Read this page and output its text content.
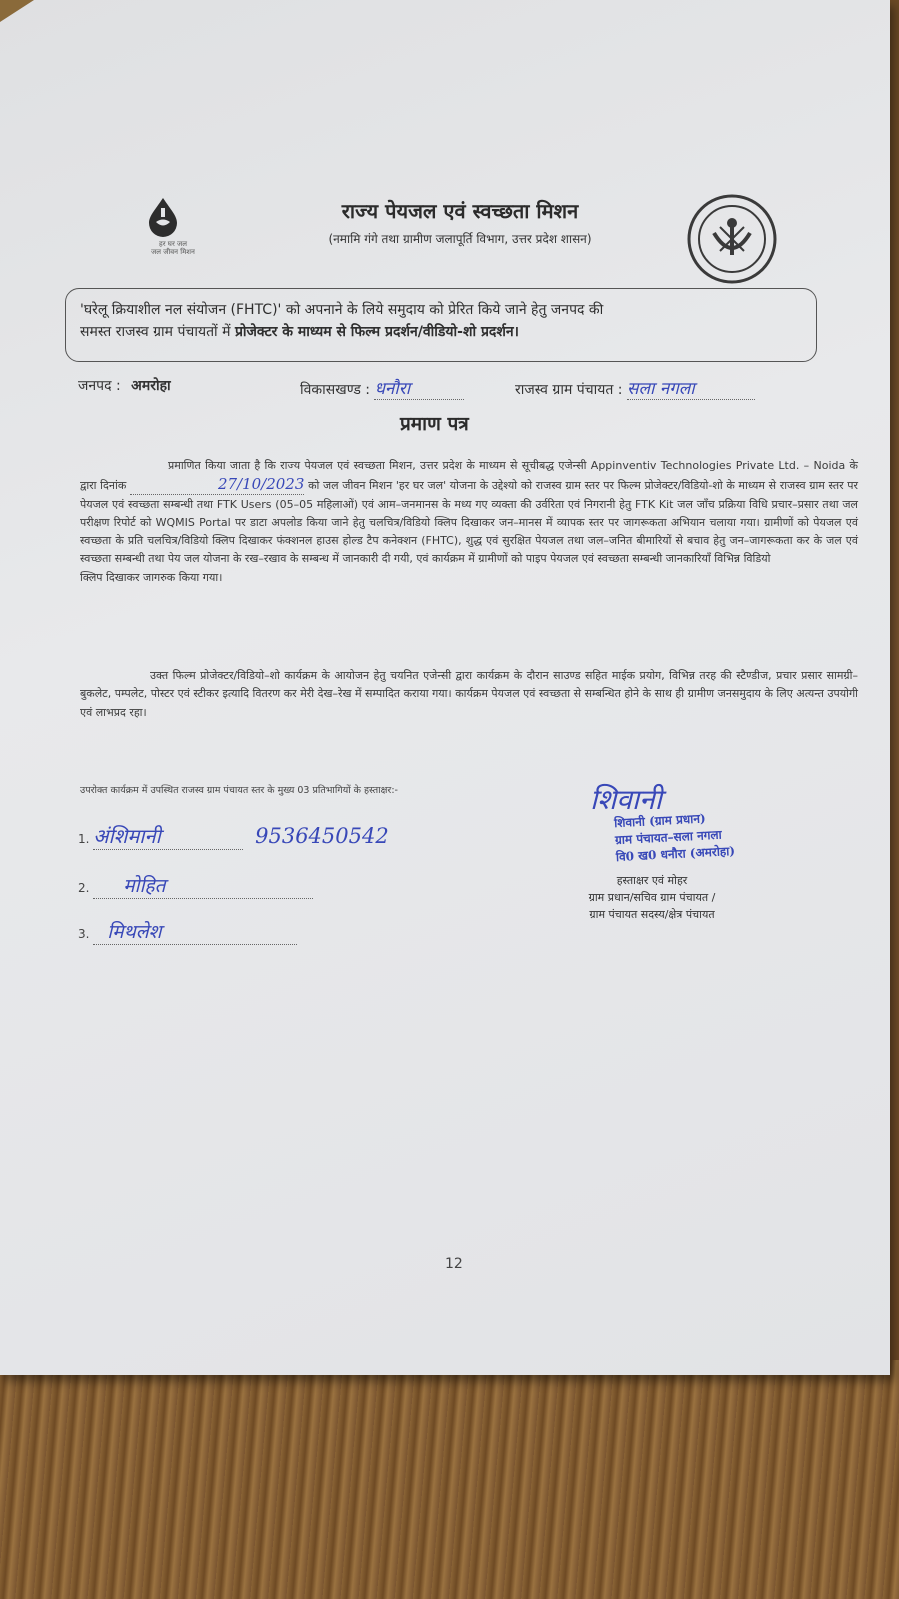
हर घर जल
जल जीवन मिशन
राज्य पेयजल एवं स्वच्छता मिशन
(नमामि गंगे तथा ग्रामीण जलापूर्ति विभाग, उत्तर प्रदेश शासन)
'घरेलू क्रियाशील नल संयोजन (FHTC)' को अपनाने के लिये समुदाय को प्रेरित किये जाने हेतु जनपद की
समस्त राजस्व ग्राम पंचायतों में प्रोजेक्टर के माध्यम से फिल्म प्रदर्शन/वीडियो-शो प्रदर्शन।
जनपद : अमरोहा	विकासखण्ड : धनौरा	राजस्व ग्राम पंचायत : सला नगला
प्रमाण पत्र
प्रमाणित किया जाता है कि राज्य पेयजल एवं स्वच्छता मिशन, उत्तर प्रदेश के माध्यम से सूचीबद्ध एजेन्सी Appinventiv Technologies Private Ltd. – Noida के द्वारा दिनांक	27/10/2023 को जल जीवन मिशन 'हर घर जल' योजना के उद्देश्यो को राजस्व ग्राम स्तर पर फिल्म प्रोजेक्टर/विडियो-शो के माध्यम से राजस्व ग्राम स्तर पर पेयजल एवं स्वच्छता सम्बन्धी तथा FTK Users (05–05 महिलाओं) एवं आम–जनमानस के मध्य गए व्यक्ता की उर्वरिता एवं निगरानी हेतु FTK Kit जल जाँच प्रक्रिया विधि प्रचार–प्रसार तथा जल परीक्षण रिपोर्ट को WQMIS Portal पर डाटा अपलोड किया जाने हेतु चलचित्र/विडियो क्लिप दिखाकर जन–मानस में व्यापक स्तर पर जागरूकता अभियान चलाया गया। ग्रामीणों को पेयजल एवं स्वच्छता के प्रति चलचित्र/विडियो क्लिप दिखाकर फंक्शनल हाउस होल्ड टैप कनेक्शन (FHTC), शुद्ध एवं सुरक्षित पेयजल तथा जल–जनित बीमारियों से बचाव हेतु जन–जागरूकता कर के जल एवं स्वच्छता सम्बन्धी तथा पेय जल योजना के रख–रखाव के सम्बन्ध में जानकारी दी गयी, एवं कार्यक्रम में ग्रामीणों को पाइप पेयजल एवं स्वच्छता सम्बन्धी जानकारियाँ विभिन्न विडियो
क्लिप दिखाकर जागरुक किया गया।
उक्त फिल्म प्रोजेक्टर/विडियो–शो कार्यक्रम के आयोजन हेतु चयनित एजेन्सी द्वारा कार्यक्रम के दौरान साउण्ड सहित माईक प्रयोग, विभिन्न तरह की स्टैण्डीज, प्रचार प्रसार सामग्री–बुकलेट, पम्पलेट, पोस्टर एवं स्टीकर इत्यादि वितरण कर मेरी देख–रेख में सम्पादित कराया गया। कार्यक्रम पेयजल एवं स्वच्छता से सम्बन्धित होने के साथ ही ग्रामीण जनसमुदाय के लिए अत्यन्त उपयोगी एवं लाभप्रद रहा।
उपरोक्त कार्यक्रम में उपस्थित राजस्व ग्राम पंचायत स्तर के मुख्य 03 प्रतिभागियों के हस्ताक्षर:-
1. अंशिमानी	9536450542
2. मोहित
3. मिथलेश
शिवानी
शिवानी (ग्राम प्रधान)
ग्राम पंचायत–सला नगला
वि0 ख0 धनौरा (अमरोहा)
हस्ताक्षर एवं मोहर
ग्राम प्रधान/सचिव ग्राम पंचायत /
ग्राम पंचायत सदस्य/क्षेत्र पंचायत
12
